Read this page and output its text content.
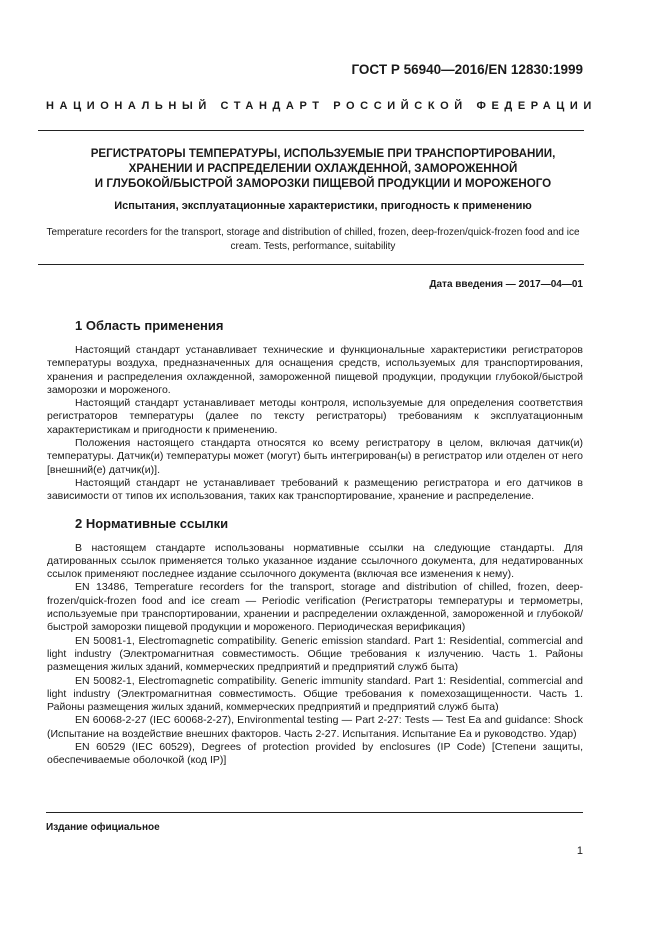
ГОСТ Р 56940—2016/EN 12830:1999
НАЦИОНАЛЬНЫЙ СТАНДАРТ РОССИЙСКОЙ ФЕДЕРАЦИИ
РЕГИСТРАТОРЫ ТЕМПЕРАТУРЫ, ИСПОЛЬЗУЕМЫЕ ПРИ ТРАНСПОРТИРОВАНИИ,
ХРАНЕНИИ И РАСПРЕДЕЛЕНИИ ОХЛАЖДЕННОЙ, ЗАМОРОЖЕННОЙ
И ГЛУБОКОЙ/БЫСТРОЙ ЗАМОРОЗКИ ПИЩЕВОЙ ПРОДУКЦИИ И МОРОЖЕНОГО
Испытания, эксплуатационные характеристики, пригодность к применению
Temperature recorders for the transport, storage and distribution of chilled, frozen, deep-frozen/quick-frozen food and ice cream. Tests, performance, suitability
Дата введения — 2017—04—01
1 Область применения

Настоящий стандарт устанавливает технические и функциональные характеристики регистраторов температуры воздуха, предназначенных для оснащения средств, используемых для транспортирования, хранения и распределения охлажденной, замороженной пищевой продукции, продукции глубокой/быстрой заморозки и мороженого.

Настоящий стандарт устанавливает методы контроля, используемые для определения соответствия регистраторов температуры (далее по тексту регистраторы) требованиям к эксплуатационным характеристикам и пригодности к применению.

Положения настоящего стандарта относятся ко всему регистратору в целом, включая датчик(и) температуры. Датчик(и) температуры может (могут) быть интегрирован(ы) в регистратор или отделен от него [внешний(е) датчик(и)].

Настоящий стандарт не устанавливает требований к размещению регистратора и его датчиков в зависимости от типов их использования, таких как транспортирование, хранение и распределение.

2 Нормативные ссылки

В настоящем стандарте использованы нормативные ссылки на следующие стандарты. Для датированных ссылок применяется только указанное издание ссылочного документа, для недатированных ссылок применяют последнее издание ссылочного документа (включая все изменения к нему).

EN 13486, Temperature recorders for the transport, storage and distribution of chilled, frozen, deep-frozen/quick-frozen food and ice cream — Periodic verification (Регистраторы температуры и термометры, используемые при транспортировании, хранении и распределении охлажденной, замороженной и глубокой/быстрой заморозки пищевой продукции и мороженого. Периодическая верификация)

EN 50081-1, Electromagnetic compatibility. Generic emission standard. Part 1: Residential, commercial and light industry (Электромагнитная совместимость. Общие требования к излучению. Часть 1. Районы размещения жилых зданий, коммерческих предприятий и предприятий служб быта)

EN 50082-1, Electromagnetic compatibility. Generic immunity standard. Part 1: Residential, commercial and light industry (Электромагнитная совместимость. Общие требования к помехозащищенности. Часть 1. Районы размещения жилых зданий, коммерческих предприятий и предприятий служб быта)

EN 60068-2-27 (IEC 60068-2-27), Environmental testing — Part 2-27: Tests — Test Ea and guidance: Shock (Испытание на воздействие внешних факторов. Часть 2-27. Испытания. Испытание Ea и руководство. Удар)

EN 60529 (IEC 60529), Degrees of protection provided by enclosures (IP Code) [Степени защиты, обеспечиваемые оболочкой (код IP)]

Издание официальное
1
